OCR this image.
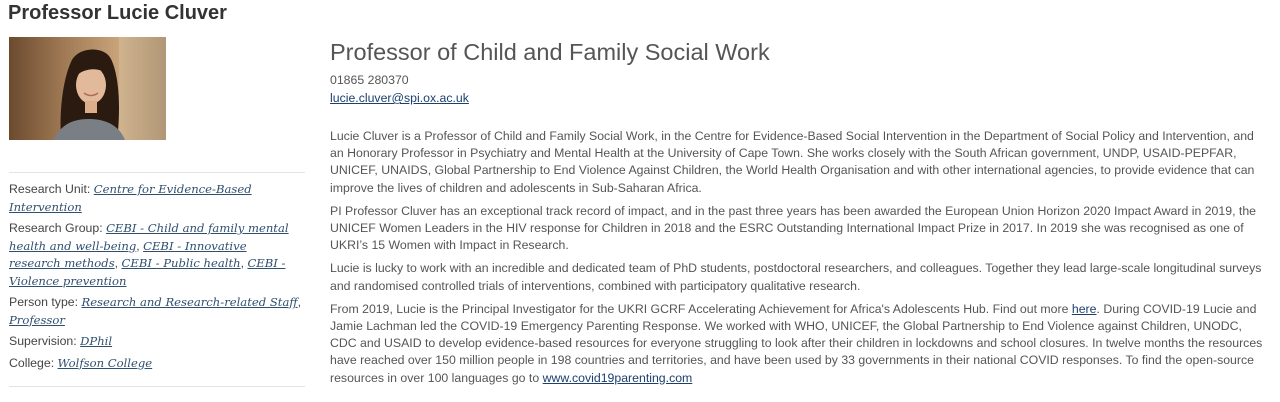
Professor Lucie Cluver
Research Unit: Centre for Evidence-Based Intervention
Research Group: CEBI - Child and family mental health and well-being, CEBI - Innovative research methods, CEBI - Public health, CEBI - Violence prevention
Person type: Research and Research-related Staff, Professor
Supervision: DPhil
College: Wolfson College
Professor of Child and Family Social Work
01865 280370
lucie.cluver@spi.ox.ac.uk

Lucie Cluver is a Professor of Child and Family Social Work, in the Centre for Evidence-Based Social Intervention in the Department of Social Policy and Intervention, and an Honorary Professor in Psychiatry and Mental Health at the University of Cape Town. She works closely with the South African government, UNDP, USAID-PEPFAR, UNICEF, UNAIDS, Global Partnership to End Violence Against Children, the World Health Organisation and with other international agencies, to provide evidence that can improve the lives of children and adolescents in Sub-Saharan Africa.

PI Professor Cluver has an exceptional track record of impact, and in the past three years has been awarded the European Union Horizon 2020 Impact Award in 2019, the UNICEF Women Leaders in the HIV response for Children in 2018 and the ESRC Outstanding International Impact Prize in 2017. In 2019 she was recognised as one of UKRI’s 15 Women with Impact in Research.

Lucie is lucky to work with an incredible and dedicated team of PhD students, postdoctoral researchers, and colleagues. Together they lead large-scale longitudinal surveys and randomised controlled trials of interventions, combined with participatory qualitative research.

From 2019, Lucie is the Principal Investigator for the UKRI GCRF Accelerating Achievement for Africa's Adolescents Hub. Find out more here. During COVID-19 Lucie and Jamie Lachman led the COVID-19 Emergency Parenting Response. We worked with WHO, UNICEF, the Global Partnership to End Violence against Children, UNODC, CDC and USAID to develop evidence-based resources for everyone struggling to look after their children in lockdowns and school closures. In twelve months the resources have reached over 150 million people in 198 countries and territories, and have been used by 33 governments in their national COVID responses. To find the open-source resources in over 100 languages go to www.covid19parenting.com
